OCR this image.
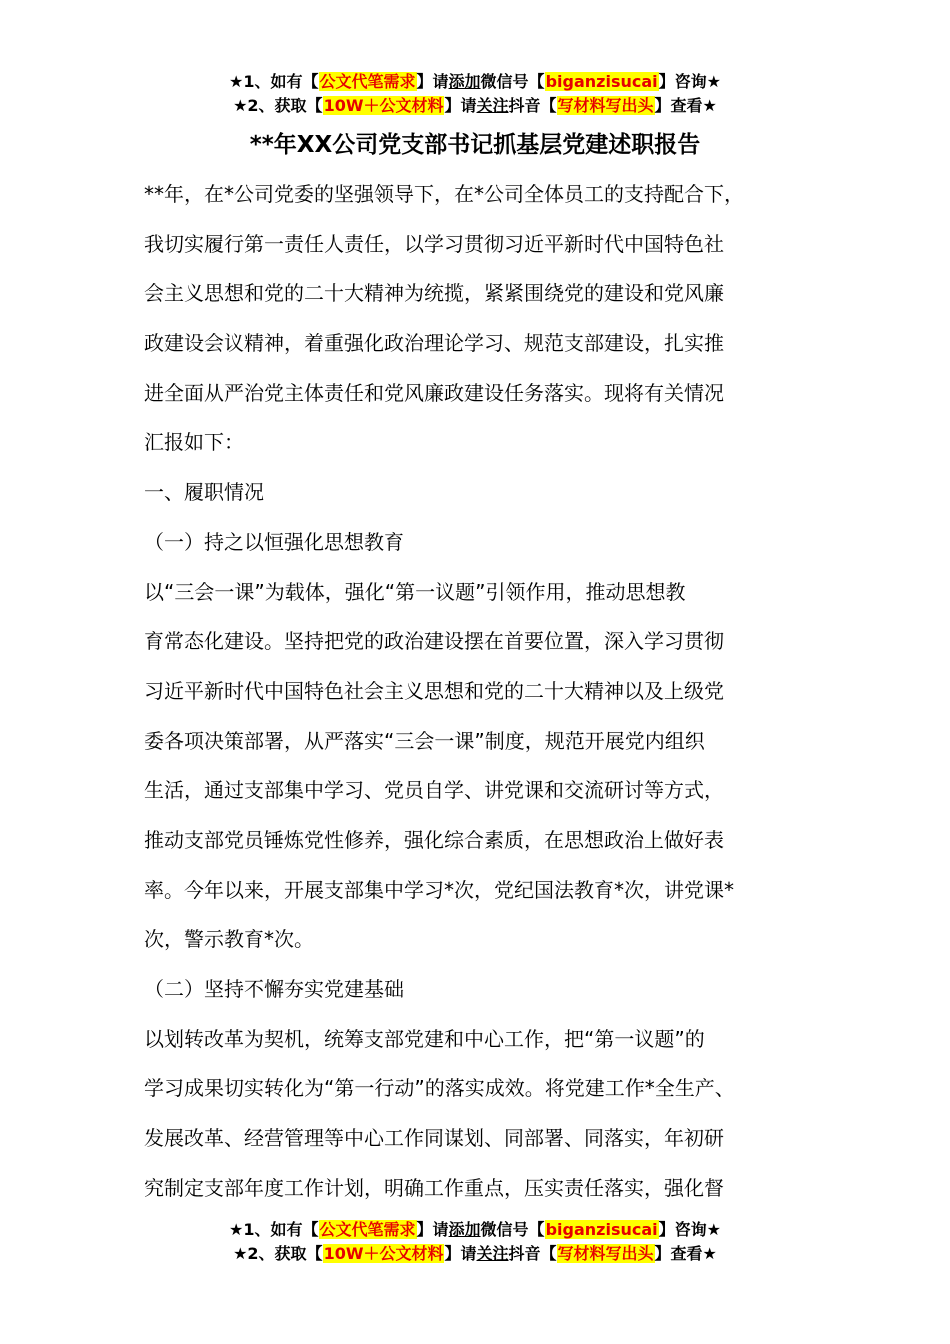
★1、如有【公文代笔需求】请添加微信号【biganzisucai】咨询★
★2、获取【10W＋公文材料】请关注抖音【写材料写出头】查看★
**年XX公司党支部书记抓基层党建述职报告
**年，在*公司党委的坚强领导下，在*公司全体员工的支持配合下，
我切实履行第一责任人责任，以学习贯彻习近平新时代中国特色社
会主义思想和党的二十大精神为统揽，紧紧围绕党的建设和党风廉
政建设会议精神，着重强化政治理论学习、规范支部建设，扎实推
进全面从严治党主体责任和党风廉政建设任务落实。现将有关情况
汇报如下：
一、履职情况
（一）持之以恒强化思想教育
以“三会一课”为载体，强化“第一议题”引领作用，推动思想教
育常态化建设。坚持把党的政治建设摆在首要位置，深入学习贯彻
习近平新时代中国特色社会主义思想和党的二十大精神以及上级党
委各项决策部署，从严落实“三会一课”制度，规范开展党内组织
生活，通过支部集中学习、党员自学、讲党课和交流研讨等方式，
推动支部党员锤炼党性修养，强化综合素质，在思想政治上做好表
率。今年以来，开展支部集中学习*次，党纪国法教育*次，讲党课*
次，警示教育*次。
（二）坚持不懈夯实党建基础
以划转改革为契机，统筹支部党建和中心工作，把“第一议题”的
学习成果切实转化为“第一行动”的落实成效。将党建工作*全生产、
发展改革、经营管理等中心工作同谋划、同部署、同落实，年初研
究制定支部年度工作计划，明确工作重点，压实责任落实，强化督
★1、如有【公文代笔需求】请添加微信号【biganzisucai】咨询★
★2、获取【10W＋公文材料】请关注抖音【写材料写出头】查看★
